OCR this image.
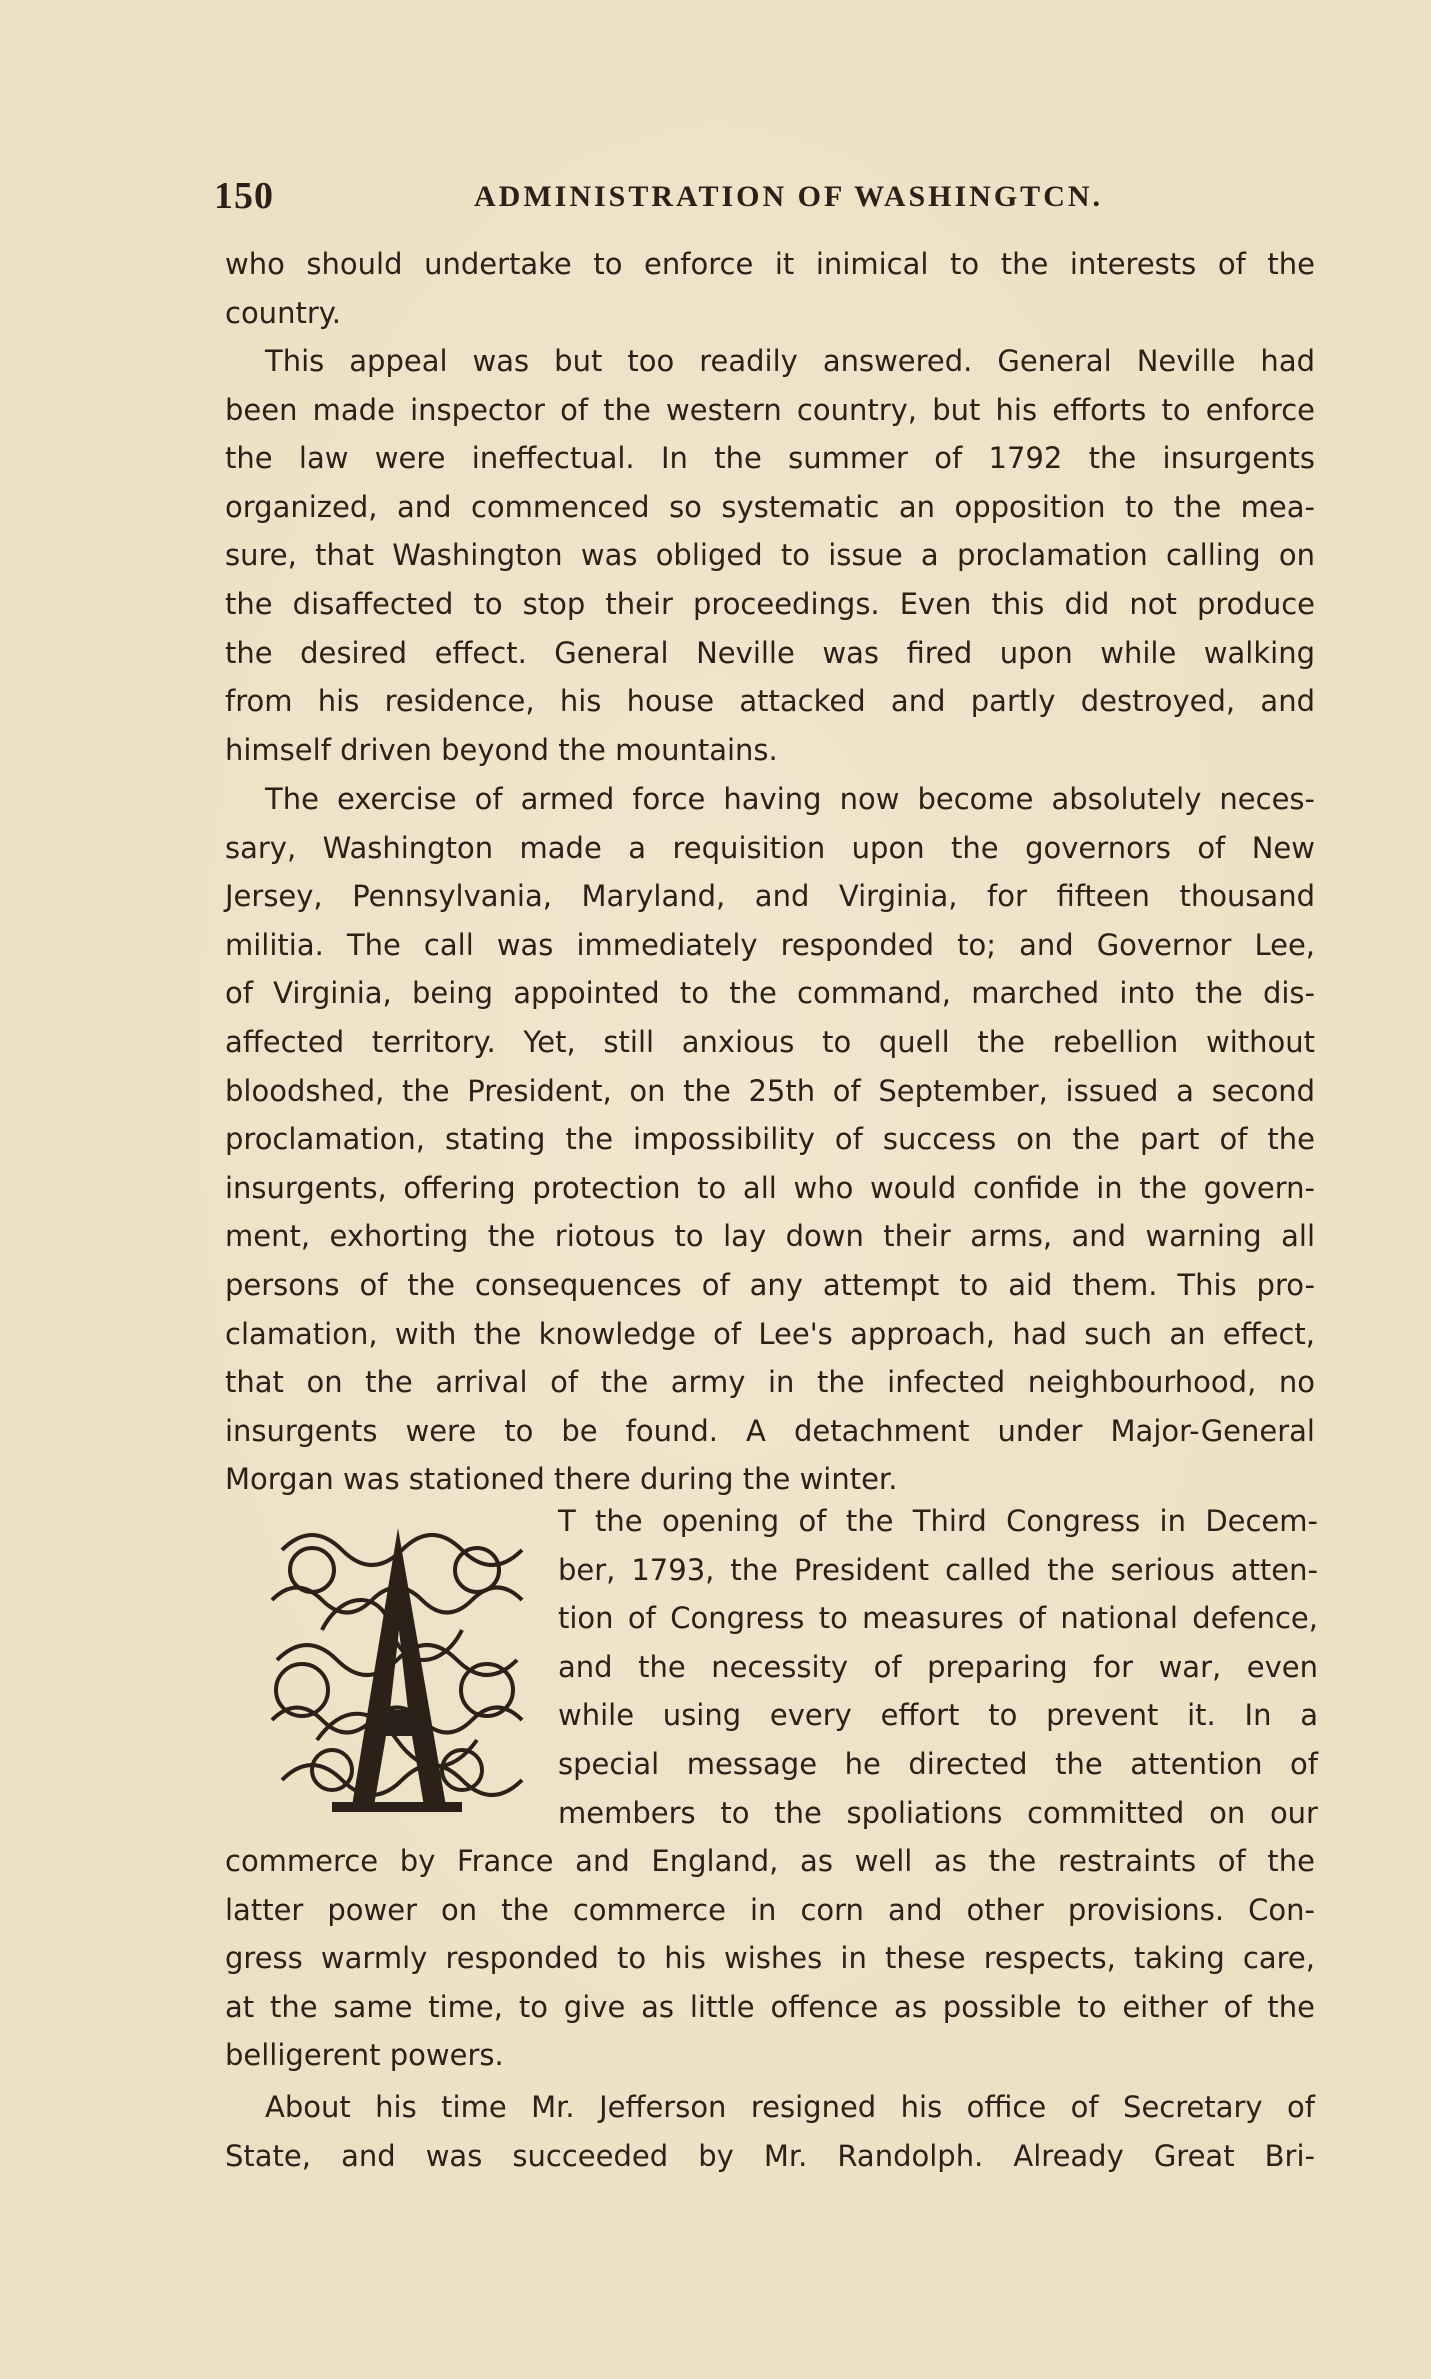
150	ADMINISTRATION OF WASHINGTCN.
who should undertake to enforce it inimical to the interests of the
country.
This appeal was but too readily answered. General Neville had
been made inspector of the western country, but his efforts to enforce
the law were ineffectual. In the summer of 1792 the insurgents
organized, and commenced so systematic an opposition to the mea-
sure, that Washington was obliged to issue a proclamation calling on
the disaffected to stop their proceedings. Even this did not produce
the desired effect. General Neville was fired upon while walking
from his residence, his house attacked and partly destroyed, and
himself driven beyond the mountains.
The exercise of armed force having now become absolutely neces-
sary, Washington made a requisition upon the governors of New
Jersey, Pennsylvania, Maryland, and Virginia, for fifteen thousand
militia. The call was immediately responded to; and Governor Lee,
of Virginia, being appointed to the command, marched into the dis-
affected territory. Yet, still anxious to quell the rebellion without
bloodshed, the President, on the 25th of September, issued a second
proclamation, stating the impossibility of success on the part of the
insurgents, offering protection to all who would confide in the govern-
ment, exhorting the riotous to lay down their arms, and warning all
persons of the consequences of any attempt to aid them. This pro-
clamation, with the knowledge of Lee's approach, had such an effect,
that on the arrival of the army in the infected neighbourhood, no
insurgents were to be found. A detachment under Major-General
Morgan was stationed there during the winter.
T the opening of the Third Congress in Decem-
ber, 1793, the President called the serious atten-
tion of Congress to measures of national defence,
and the necessity of preparing for war, even
while using every effort to prevent it. In a
special message he directed the attention of
members to the spoliations committed on our
commerce by France and England, as well as the restraints of the
latter power on the commerce in corn and other provisions. Con-
gress warmly responded to his wishes in these respects, taking care,
at the same time, to give as little offence as possible to either of the
belligerent powers.
About his time Mr. Jefferson resigned his office of Secretary of
State, and was succeeded by Mr. Randolph. Already Great Bri-
